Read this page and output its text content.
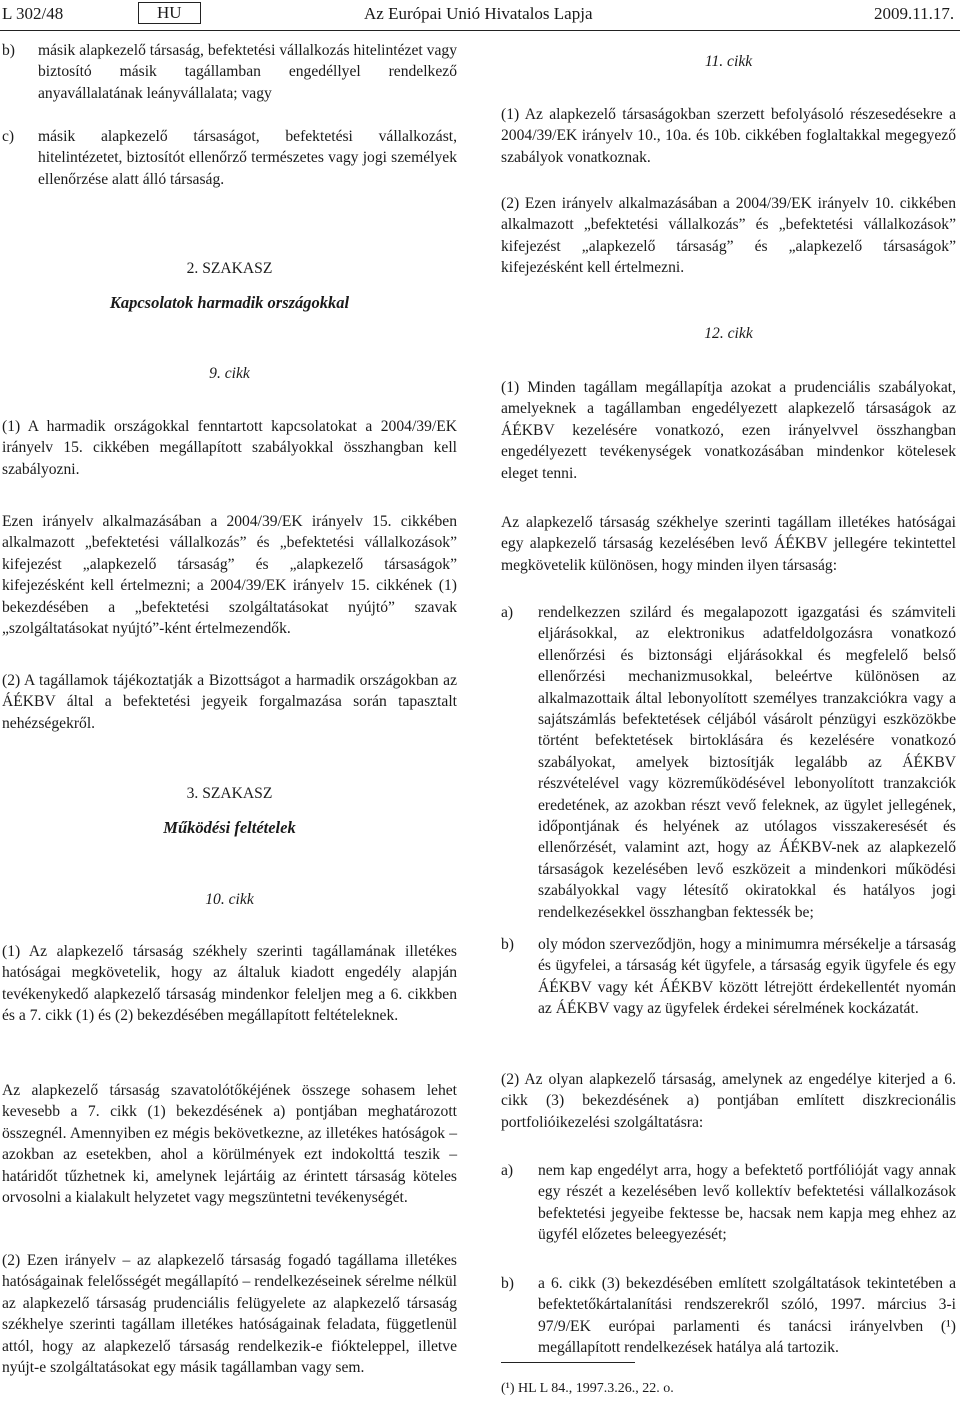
L 302/48	HU	Az Európai Unió Hivatalos Lapja	2009.11.17.
b) másik alapkezelő társaság, befektetési vállalkozás hitelintézet vagy biztosító másik tagállamban engedéllyel rendelkező anyavállalatának leányvállalata; vagy
c) másik alapkezelő társaságot, befektetési vállalkozást, hitelintézetet, biztosítót ellenőrző természetes vagy jogi személyek ellenőrzése alatt álló társaság.
2. SZAKASZ
Kapcsolatok harmadik országokkal
9. cikk
(1) A harmadik országokkal fenntartott kapcsolatokat a 2004/39/EK irányelv 15. cikkében megállapított szabályokkal összhangban kell szabályozni.
Ezen irányelv alkalmazásában a 2004/39/EK irányelv 15. cikkében alkalmazott „befektetési vállalkozás” és „befektetési vállalkozások” kifejezést „alapkezelő társaság” és „alapkezelő társaságok” kifejezésként kell értelmezni; a 2004/39/EK irányelv 15. cikkének (1) bekezdésében a „befektetési szolgáltatásokat nyújtó” szavak „szolgáltatásokat nyújtó”-ként értelmezendők.
(2) A tagállamok tájékoztatják a Bizottságot a harmadik országokban az ÁÉKBV által a befektetési jegyeik forgalmazása során tapasztalt nehézségekről.
3. SZAKASZ
Működési feltételek
10. cikk
(1) Az alapkezelő társaság székhely szerinti tagállamának illetékes hatóságai megkövetelik, hogy az általuk kiadott engedély alapján tevékenykedő alapkezelő társaság mindenkor feleljen meg a 6. cikkben és a 7. cikk (1) és (2) bekezdésében megállapított feltételeknek.
Az alapkezelő társaság szavatolótőkéjének összege sohasem lehet kevesebb a 7. cikk (1) bekezdésének a) pontjában meghatározott összegnél. Amennyiben ez mégis bekövetkezne, az illetékes hatóságok – azokban az esetekben, ahol a körülmények ezt indokolttá teszik –határidőt tűzhetnek ki, amelynek lejártáig az érintett társaság köteles orvosolni a kialakult helyzetet vagy megszüntetni tevékenységét.
(2) Ezen irányelv – az alapkezelő társaság fogadó tagállama illetékes hatóságainak felelősségét megállapító – rendelkezéseinek sérelme nélkül az alapkezelő társaság prudenciális felügyelete az alapkezelő társaság székhelye szerinti tagállam illetékes hatóságainak feladata, függetlenül attól, hogy az alapkezelő társaság rendelkezik-e fióktelеppel, illetve nyújt-e szolgáltatásokat egy másik tagállamban vagy sem.
11. cikk
(1) Az alapkezelő társaságokban szerzett befolyásoló részesedésekre a 2004/39/EK irányelv 10., 10a. és 10b. cikkében foglaltakkal megegyező szabályok vonatkoznak.
(2) Ezen irányelv alkalmazásában a 2004/39/EK irányelv 10. cikkében alkalmazott „befektetési vállalkozás” és „befektetési vállalkozások” kifejezést „alapkezelő társaság” és „alapkezelő társaságok” kifejezésként kell értelmezni.
12. cikk
(1) Minden tagállam megállapítja azokat a prudenciális szabályokat, amelyeknek a tagállamban engedélyezett alapkezelő társaságok az ÁÉKBV kezelésére vonatkozó, ezen irányelvvel összhangban engedélyezett tevékenységek vonatkozásában mindenkor kötelesek eleget tenni.
Az alapkezelő társaság székhelye szerinti tagállam illetékes hatóságai egy alapkezelő társaság kezelésében levő ÁÉKBV jellegére tekintettel megkövetelik különösen, hogy minden ilyen társaság:
a) rendelkezzen szilárd és megalapozott igazgatási és számviteli eljárásokkal, az elektronikus adatfeldolgozásra vonatkozó ellenőrzési és biztonsági eljárásokkal és megfelelő belső ellenőrzési mechanizmusokkal, beleértve különösen az alkalmazottaik által lebonyolított személyes tranzakciókra vagy a sajátszámlás befektetések céljából vásárolt pénzügyi eszközökbe történt befektetések birtoklására és kezelésére vonatkozó szabályokat, amelyek biztosítják legalább az ÁÉKBV részvételével vagy közreműködésével lebonyolított tranzakciók eredetének, az azokban részt vevő feleknek, az ügylet jellegének, időpontjának és helyének az utólagos visszakeresését és ellenőrzését, valamint azt, hogy az ÁÉKBV-nek az alapkezelő társaságok kezelésében levő eszközeit a mindenkori működési szabályokkal vagy létesítő okiratokkal és hatályos jogi rendelkezésekkel összhangban fektessék be;
b) oly módon szerveződjön, hogy a minimumra mérsékelje a társaság és ügyfelei, a társaság két ügyfele, a társaság egyik ügyfele és egy ÁÉKBV vagy két ÁÉKBV között létrejött érdekellentét nyomán az ÁÉKBV vagy az ügyfelek érdekei sérelmének kockázatát.
(2) Az olyan alapkezelő társaság, amelynek az engedélye kiterjed a 6. cikk (3) bekezdésének a) pontjában említett diszkrecionális portfolióikezelési szolgáltatásra:
a) nem kap engedélyt arra, hogy a befektető portfólióját vagy annak egy részét a kezelésében levő kollektív befektetési vállalkozások befektetési jegyeibe fektesse be, hacsak nem kapja meg ehhez az ügyfél előzetes beleegyezését;
b) a 6. cikk (3) bekezdésében említett szolgáltatások tekintetében a befektetőkártalanítási rendszerekről szóló, 1997. március 3-i 97/9/EK európai parlamenti és tanácsi irányelvben (¹) megállapított rendelkezések hatálya alá tartozik.
(¹) HL L 84., 1997.3.26., 22. o.
